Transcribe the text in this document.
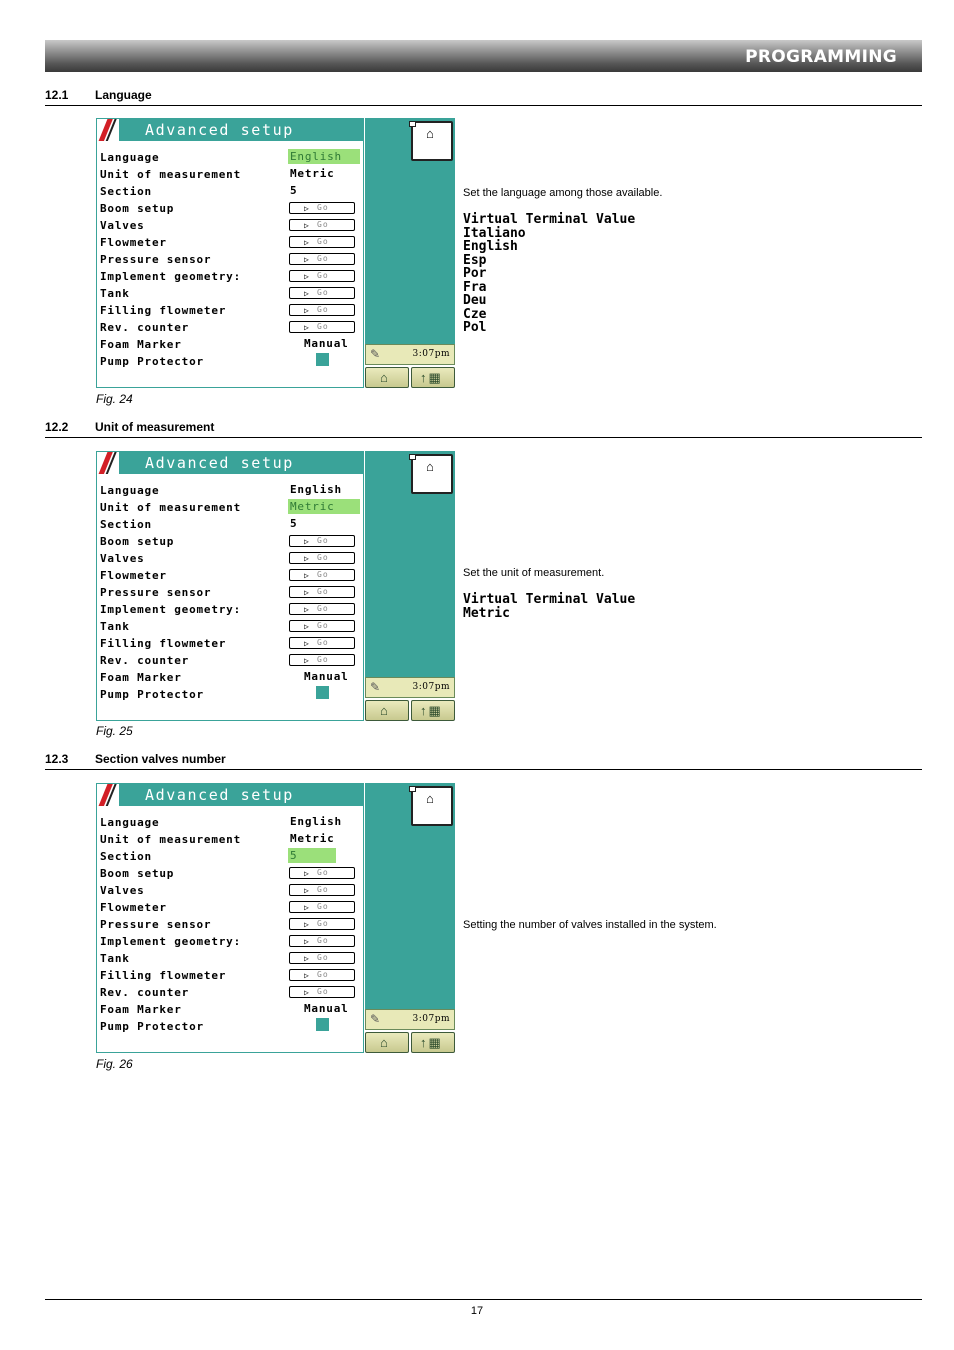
PROGRAMMING
12.1 Language
Advanced setup
Language	English
Unit of measurement	Metric
Section	5
Boom setup	▷ Go
Valves	▷ Go
Flowmeter	▷ Go
Pressure sensor	▷ Go
Implement geometry:	▷ Go
Tank	▷ Go
Filling flowmeter	▷ Go
Rev. counter	▷ Go
Foam Marker	Manual
Pump Protector
⌂
✎	3:07pm
⌂ ↑▦
Fig. 24
Set the language among those available.
Virtual Terminal Value
Italiano
English
Esp
Por
Fra
Deu
Cze
Pol
12.2 Unit of measurement
Advanced setup
Language	English
Unit of measurement	Metric
Section	5
Boom setup	▷ Go
Valves	▷ Go
Flowmeter	▷ Go
Pressure sensor	▷ Go
Implement geometry:	▷ Go
Tank	▷ Go
Filling flowmeter	▷ Go
Rev. counter	▷ Go
Foam Marker	Manual
Pump Protector
⌂
✎	3:07pm
⌂ ↑▦
Fig. 25
Set the unit of measurement.
Virtual Terminal Value
Metric
12.3 Section valves number
Advanced setup
Language	English
Unit of measurement	Metric
Section	5
Boom setup	▷ Go
Valves	▷ Go
Flowmeter	▷ Go
Pressure sensor	▷ Go
Implement geometry:	▷ Go
Tank	▷ Go
Filling flowmeter	▷ Go
Rev. counter	▷ Go
Foam Marker	Manual
Pump Protector
⌂
✎	3:07pm
⌂ ↑▦
Fig. 26
Setting the number of valves installed in the system.
17
